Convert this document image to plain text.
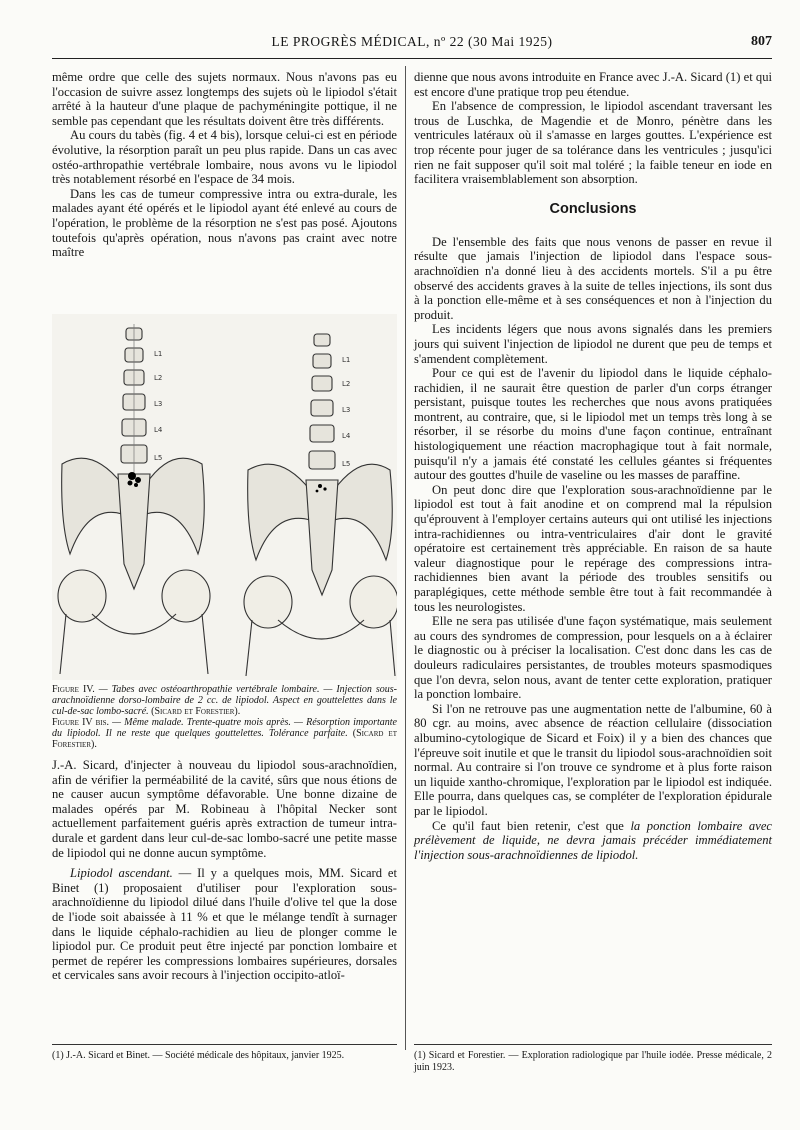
LE PROGRÈS MÉDICAL, nº 22 (30 Mai 1925)	807

même ordre que celle des sujets normaux. Nous n'avons pas eu l'occasion de suivre assez longtemps des sujets où le lipiodol s'était arrêté à la hauteur d'une plaque de pachyméningite pottique, il ne semble pas cependant que les résultats doivent être très différents.

Au cours du tabès (fig. 4 et 4 bis), lorsque celui-ci est en période évolutive, la résorption paraît un peu plus rapide. Dans un cas avec ostéo-arthropathie vertébrale lombaire, nous avons vu le lipiodol très notablement résorbé en l'espace de 34 mois.

Dans les cas de tumeur compressive intra ou extra-durale, les malades ayant été opérés et le lipiodol ayant été enlevé au cours de l'opération, le problème de la résorption ne s'est pas posé. Ajoutons toutefois qu'après opération, nous n'avons pas craint avec notre maître

L1
L2
L3
L4
L5
L1
L2
L3
L4
L5
Figure IV. — Tabes avec ostéoarthropathie vertébrale lombaire. — Injection sous-arachnoïdienne dorso-lombaire de 2 cc. de lipiodol. Aspect en gouttelettes dans le cul-de-sac lombo-sacré. (Sicard et Forestier).
Figure IV bis. — Même malade. Trente-quatre mois après. — Résorption importante du lipiodol. Il ne reste que quelques gouttelettes. Tolérance parfaite. (Sicard et Forestier).

J.-A. Sicard, d'injecter à nouveau du lipiodol sous-arachnoïdien, afin de vérifier la perméabilité de la cavité, sûrs que nous étions de ne causer aucun symptôme défavorable. Une bonne dizaine de malades opérés par M. Robineau à l'hôpital Necker sont actuellement parfaitement guéris après extraction de tumeur intra-durale et gardent dans leur cul-de-sac lombo-sacré une petite masse de lipiodol qui ne donne aucun symptôme.

Lipiodol ascendant. — Il y a quelques mois, MM. Sicard et Binet (1) proposaient d'utiliser pour l'exploration sous-arachnoïdienne du lipiodol dilué dans l'huile d'olive tel que la dose de l'iode soit abaissée à 11 % et que le mélange tendît à surnager dans le liquide céphalo-rachidien au lieu de plonger comme le lipiodol pur. Ce produit peut être injecté par ponction lombaire et permet de repérer les compressions lombaires supérieures, dorsales et cervicales sans avoir recours à l'injection occipito-atloï-

(1) J.-A. Sicard et Binet. — Société médicale des hôpitaux, janvier 1925.

dienne que nous avons introduite en France avec J.-A. Sicard (1) et qui est encore d'une pratique trop peu étendue.

En l'absence de compression, le lipiodol ascendant traversant les trous de Luschka, de Magendie et de Monro, pénètre dans les ventricules latéraux où il s'amasse en larges gouttes. L'expérience est trop récente pour juger de sa tolérance dans les ventricules ; jusqu'ici rien ne fait supposer qu'il soit mal toléré ; la faible teneur en iode en facilitera vraisemblablement son absorption.

Conclusions

De l'ensemble des faits que nous venons de passer en revue il résulte que jamais l'injection de lipiodol dans l'espace sous-arachnoïdien n'a donné lieu à des accidents mortels. S'il a pu être observé des accidents graves à la suite de telles injections, ils sont dus à la ponction elle-même et à ses conséquences et non à l'injection du produit.

Les incidents légers que nous avons signalés dans les premiers jours qui suivent l'injection de lipiodol ne durent que peu de temps et s'amendent complètement.

Pour ce qui est de l'avenir du lipiodol dans le liquide céphalo-rachidien, il ne saurait être question de parler d'un corps étranger persistant, puisque toutes les recherches que nous avons pratiquées montrent, au contraire, que, si le lipiodol met un temps très long à se résorber, il se résorbe du moins d'une façon continue, entraînant histologiquement une réaction macrophagique tout à fait normale, puisqu'il n'y a jamais été constaté les cellules géantes si fréquentes autour des gouttes d'huile de vaseline ou les masses de paraffine.

On peut donc dire que l'exploration sous-arachnoïdienne par le lipiodol est tout à fait anodine et on comprend mal la répulsion qu'éprouvent à l'employer certains auteurs qui ont utilisé les injections intra-rachidiennes ou intra-ventriculaires d'air dont le gravité opératoire est certainement très appréciable. En raison de sa haute valeur diagnostique pour le repérage des compressions intra-rachidiennes bien avant la période des troubles sensitifs ou paraplégiques, cette méthode semble être tout à fait recommandée à tous les neurologistes.

Elle ne sera pas utilisée d'une façon systématique, mais seulement au cours des syndromes de compression, pour lesquels on a à éclairer le diagnostic ou à préciser la localisation. C'est donc dans les cas de douleurs radiculaires persistantes, de troubles moteurs spasmodiques que l'on devra, selon nous, avant de tenter cette exploration, pratiquer la ponction lombaire.

Si l'on ne retrouve pas une augmentation nette de l'albumine, 60 à 80 cgr. au moins, avec absence de réaction cellulaire (dissociation albumino-cytologique de Sicard et Foix) il y a bien des chances que l'épreuve soit inutile et que le transit du lipiodol sous-arachnoïdien soit normal. Au contraire si l'on trouve ce syndrome et à plus forte raison un liquide xantho-chromique, l'exploration par le lipiodol est indiquée. Elle pourra, dans quelques cas, se compléter de l'exploration épidurale par le lipiodol.

Ce qu'il faut bien retenir, c'est que la ponction lombaire avec prélèvement de liquide, ne devra jamais précéder immédiatement l'injection sous-arachnoïdiennes de lipiodol.

(1) Sicard et Forestier. — Exploration radiologique par l'huile iodée. Presse médicale, 2 juin 1923.
